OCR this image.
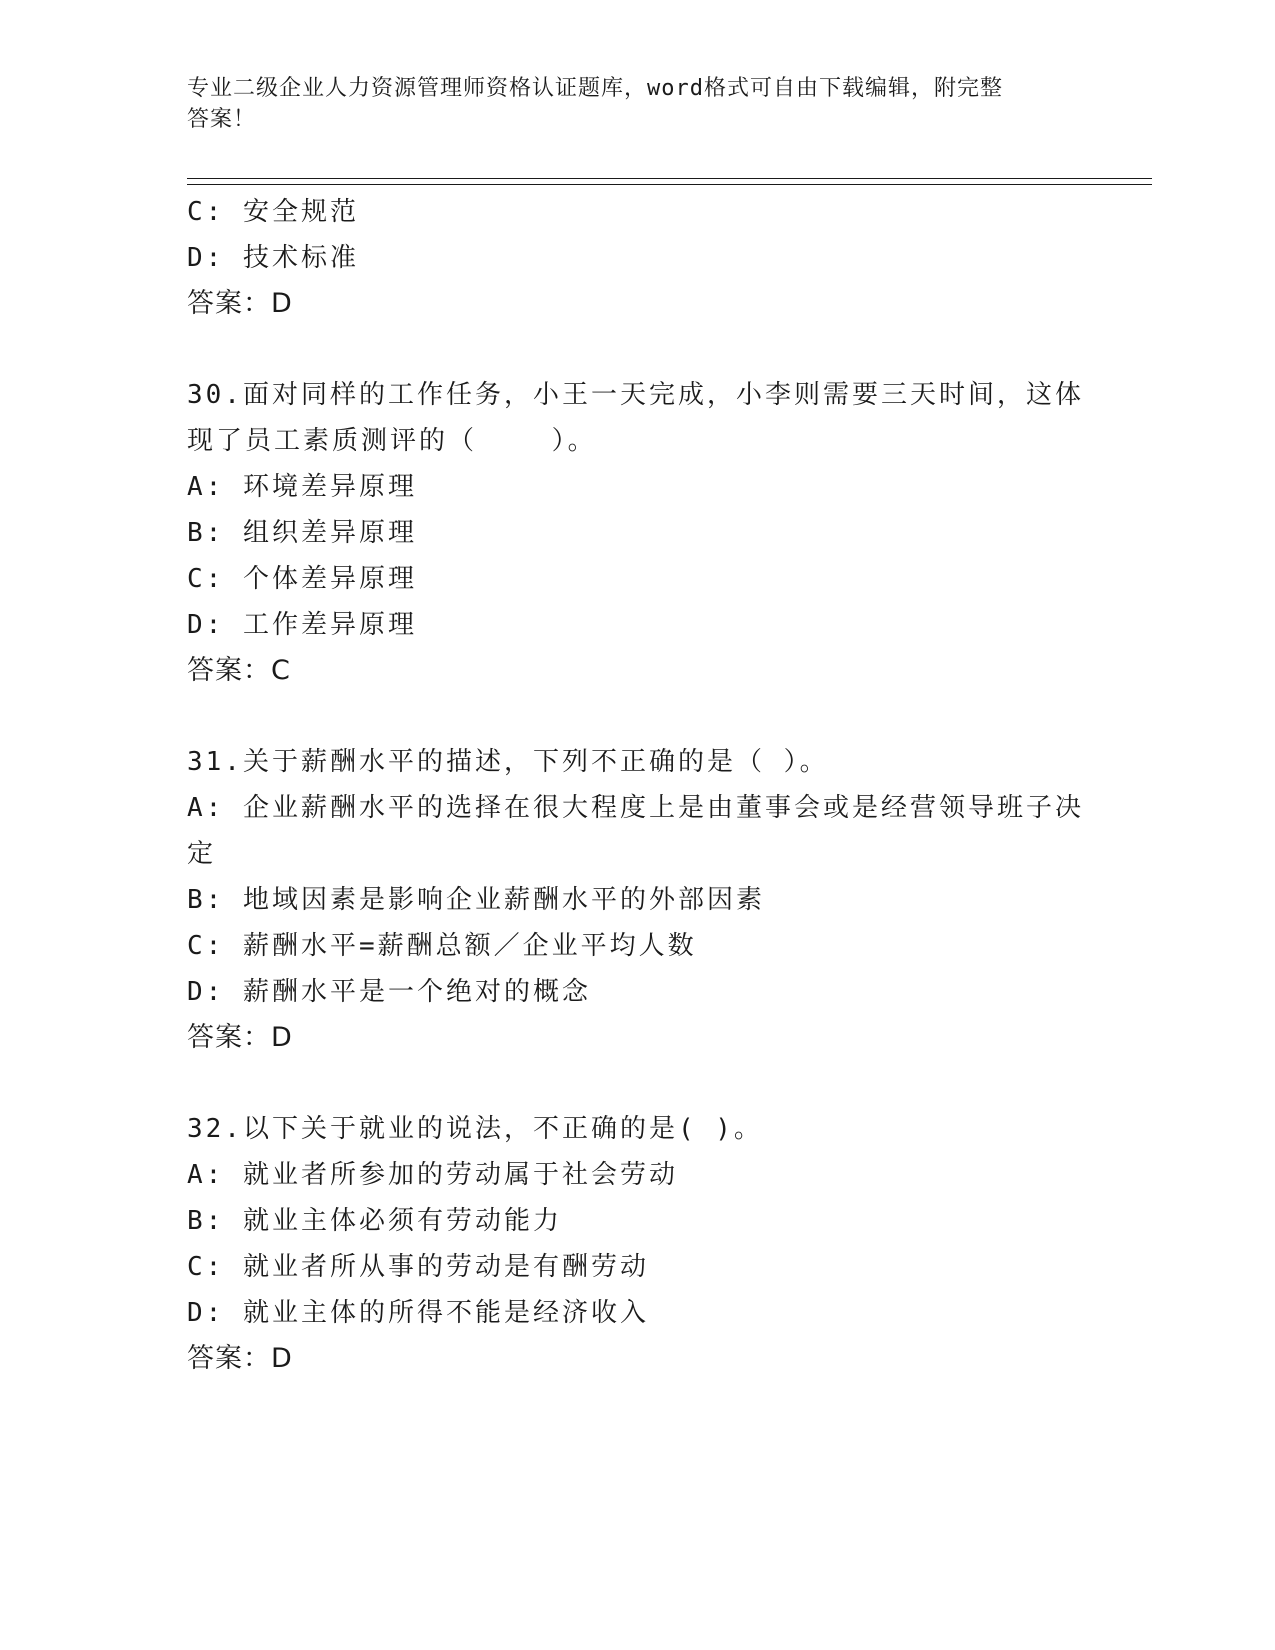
专业二级企业人力资源管理师资格认证题库，word格式可自由下载编辑，附完整
答案！
C: 安全规范
D: 技术标准
答案：D
30.面对同样的工作任务，小王一天完成，小李则需要三天时间，这体
现了员工素质测评的（    ）。
A: 环境差异原理
B: 组织差异原理
C: 个体差异原理
D: 工作差异原理
答案：C
31.关于薪酬水平的描述，下列不正确的是（ ）。
A: 企业薪酬水平的选择在很大程度上是由董事会或是经营领导班子决
定
B: 地域因素是影响企业薪酬水平的外部因素
C: 薪酬水平=薪酬总额／企业平均人数
D: 薪酬水平是一个绝对的概念
答案：D
32.以下关于就业的说法，不正确的是( )。
A: 就业者所参加的劳动属于社会劳动
B: 就业主体必须有劳动能力
C: 就业者所从事的劳动是有酬劳动
D: 就业主体的所得不能是经济收入
答案：D
